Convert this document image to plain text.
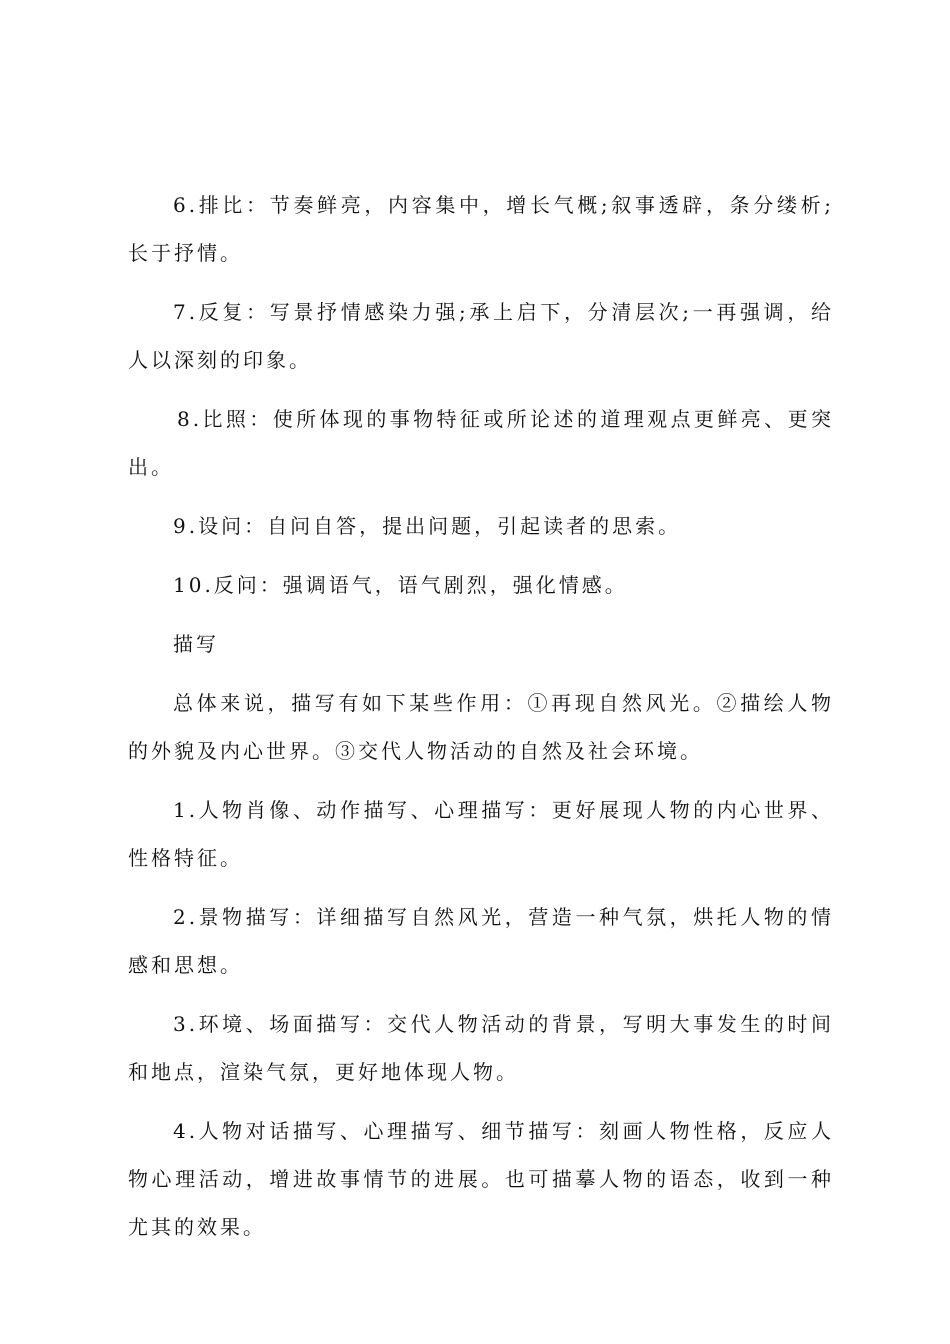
6.排比：节奏鲜亮，内容集中，增长气概;叙事透辟，条分缕析;长于抒情。

7.反复：写景抒情感染力强;承上启下，分清层次;一再强调，给人以深刻的印象。

8.比照：使所体现的事物特征或所论述的道理观点更鲜亮、更突出。

9.设问：自问自答，提出问题，引起读者的思索。

10.反问：强调语气，语气剧烈，强化情感。

描写

总体来说，描写有如下某些作用：①再现自然风光。②描绘人物的外貌及内心世界。③交代人物活动的自然及社会环境。

1.人物肖像、动作描写、心理描写：更好展现人物的内心世界、性格特征。

2.景物描写：详细描写自然风光，营造一种气氛，烘托人物的情感和思想。

3.环境、场面描写：交代人物活动的背景，写明大事发生的时间和地点，渲染气氛，更好地体现人物。

4.人物对话描写、心理描写、细节描写：刻画人物性格，反应人物心理活动，增进故事情节的进展。也可描摹人物的语态，收到一种尤其的效果。
